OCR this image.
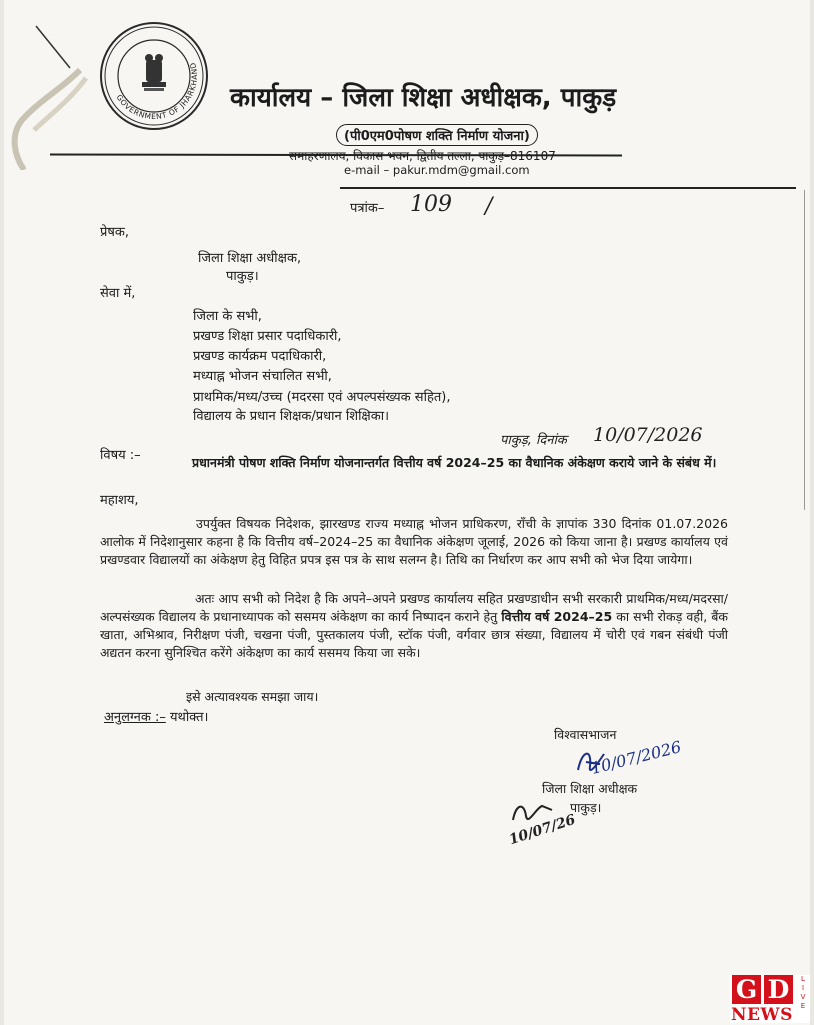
GOVERNMENT OF JHARKHAND
कार्यालय – जिला शिक्षा अधीक्षक, पाकुड़
(पी0एम0पोषण शक्ति निर्माण योजना)
समाहरणालय, विकास भवन, द्वितीय तल्ला, पाकुड़–816107
e-mail – pakur.mdm@gmail.com
पत्रांक– 109 /
प्रेषक,
जिला शिक्षा अधीक्षक,
पाकुड़।
सेवा में,
जिला के सभी,
प्रखण्ड शिक्षा प्रसार पदाधिकारी,
प्रखण्ड कार्यक्रम पदाधिकारी,
मध्याह्न भोजन संचालित सभी,
प्राथमिक/मध्य/उच्च (मदरसा एवं अपल्पसंख्यक सहित),
विद्यालय के प्रधान शिक्षक/प्रधान शिक्षिका।
पाकुड़, दिनांक 10/07/2026
विषय :–	प्रधानमंत्री पोषण शक्ति निर्माण योजनान्तर्गत वित्तीय वर्ष 2024–25 का वैधानिक अंकेक्षण कराये जाने के संबंध में।
महाशय,
उपर्युक्त विषयक निदेशक, झारखण्ड राज्य मध्याह्न भोजन प्राधिकरण, राँची के ज्ञापांक 330 दिनांक 01.07.2026 आलोक में निदेशानुसार कहना है कि वित्तीय वर्ष–2024–25 का वैधानिक अंकेक्षण जूलाई, 2026 को किया जाना है। प्रखण्ड कार्यालय एवं प्रखण्डवार विद्यालयों का अंकेक्षण हेतु विहित प्रपत्र इस पत्र के साथ सलग्न है। तिथि का निर्धारण कर आप सभी को भेज दिया जायेगा।
अतः आप सभी को निदेश है कि अपने–अपने प्रखण्ड कार्यालय सहित प्रखण्डाधीन सभी सरकारी प्राथमिक/मध्य/मदरसा/अल्पसंख्यक विद्यालय के प्रधानाध्यापक को ससमय अंकेक्षण का कार्य निष्पादन कराने हेतु वित्तीय वर्ष 2024–25 का सभी रोकड़ वही, बैंक खाता, अभिश्राव, निरीक्षण पंजी, चखना पंजी, पुस्तकालय पंजी, स्टॉक पंजी, वर्गवार छात्र संख्या, विद्यालय में चोरी एवं गबन संबंधी पंजी अद्यतन करना सुनिश्चित करेंगे अंकेक्षण का कार्य ससमय किया जा सके।
इसे अत्यावश्यक समझा जाय।
अनुलग्नक :– यथोक्त।
विश्वासभाजन
10/07/2026
जिला शिक्षा अधीक्षक
पाकुड़।
10/07/26
G D
NEWS
L
I
V
E
